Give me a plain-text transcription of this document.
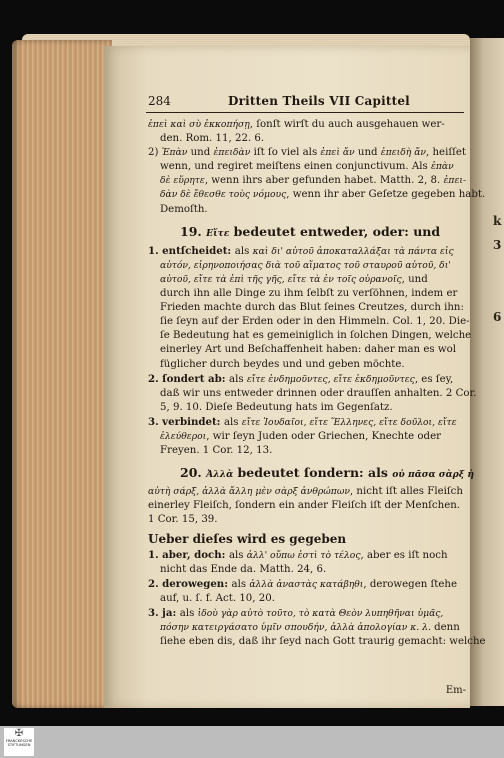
k
3
6
284	Dritten Theils VII Capittel

ἐπεὶ καὶ σὺ ἐκκοπήσῃ, ſonſt wirſt du auch ausgehauen wer-

den. Rom. 11, 22. 6.

2) Ἐπὰν und ἐπειδὰν iſt ſo viel als ἐπεὶ ἄν und ἐπειδὴ ἄν, heiſſet

wenn, und regiret meiſtens einen conjunctivum. Als ἐπὰν

δὲ εὕρητε, wenn ihrs aber gefunden habet. Matth. 2, 8. ἐπει-

δὰν δὲ ἔθεσθε τοὺς νόμους, wenn ihr aber Geſetze gegeben habt.

Demoſth.

19. Εἴτε bedeutet entweder, oder: und

1. entſcheidet: als καὶ δι' αὐτοῦ ἀποκαταλλάξαι τὰ πάντα εἰς

αὐτόν, εἰρηνοποιήσας διὰ τοῦ αἵματος τοῦ σταυροῦ αὐτοῦ, δι'

αὐτοῦ, εἴτε τὰ ἐπὶ τῆς γῆς, εἴτε τὰ ἐν τοῖς οὐρανοῖς, und

durch ihn alle Dinge zu ihm ſelbſt zu verſöhnen, indem er

Frieden machte durch das Blut ſeines Creutzes, durch ihn:

ſie ſeyn auf der Erden oder in den Himmeln. Col. 1, 20. Die-

ſe Bedeutung hat es gemeiniglich in ſolchen Dingen, welche

einerley Art und Beſchaffenheit haben: daher man es wol

füglicher durch beydes und und geben möchte.

2. ſondert ab: als εἴτε ἐνδημοῦντες, εἴτε ἐκδημοῦντες, es ſey,

daß wir uns entweder drinnen oder drauſſen anhalten. 2 Cor.

5, 9. 10. Dieſe Bedeutung hats im Gegenſatz.

3. verbindet: als εἴτε Ἰουδαῖοι, εἴτε Ἕλληνες, εἴτε δοῦλοι, εἴτε

ἐλεύθεροι, wir ſeyn Juden oder Griechen, Knechte oder

Freyen. 1 Cor. 12, 13.

20. Ἀλλὰ bedeutet ſondern: als οὐ πᾶσα σὰρξ ἡ

αὐτὴ σάρξ, ἀλλὰ ἄλλη μὲν σὰρξ ἀνθρώπων, nicht iſt alles Fleiſch

einerley Fleiſch, ſondern ein ander Fleiſch iſt der Menſchen.

1 Cor. 15, 39.

Ueber dieſes wird es gegeben

1. aber, doch: als ἀλλ' οὔπω ἐστὶ τὸ τέλος, aber es iſt noch

nicht das Ende da. Matth. 24, 6.

2. derowegen: als ἀλλὰ ἀναστὰς κατάβηθι, derowegen ſtehe

auf, u. ſ. f. Act. 10, 20.

3. ja: als ἰδοὺ γὰρ αὐτὸ τοῦτο, τὸ κατὰ Θεὸν λυπηθῆναι ὑμᾶς,

πόσην κατειργάσατο ὑμῖν σπουδήν, ἀλλὰ ἀπολογίαν κ. λ. denn

ſiehe eben dis, daß ihr ſeyd nach Gott traurig gemacht: welche

Em-
✠
FRANCKESCHE
STIFTUNGEN
